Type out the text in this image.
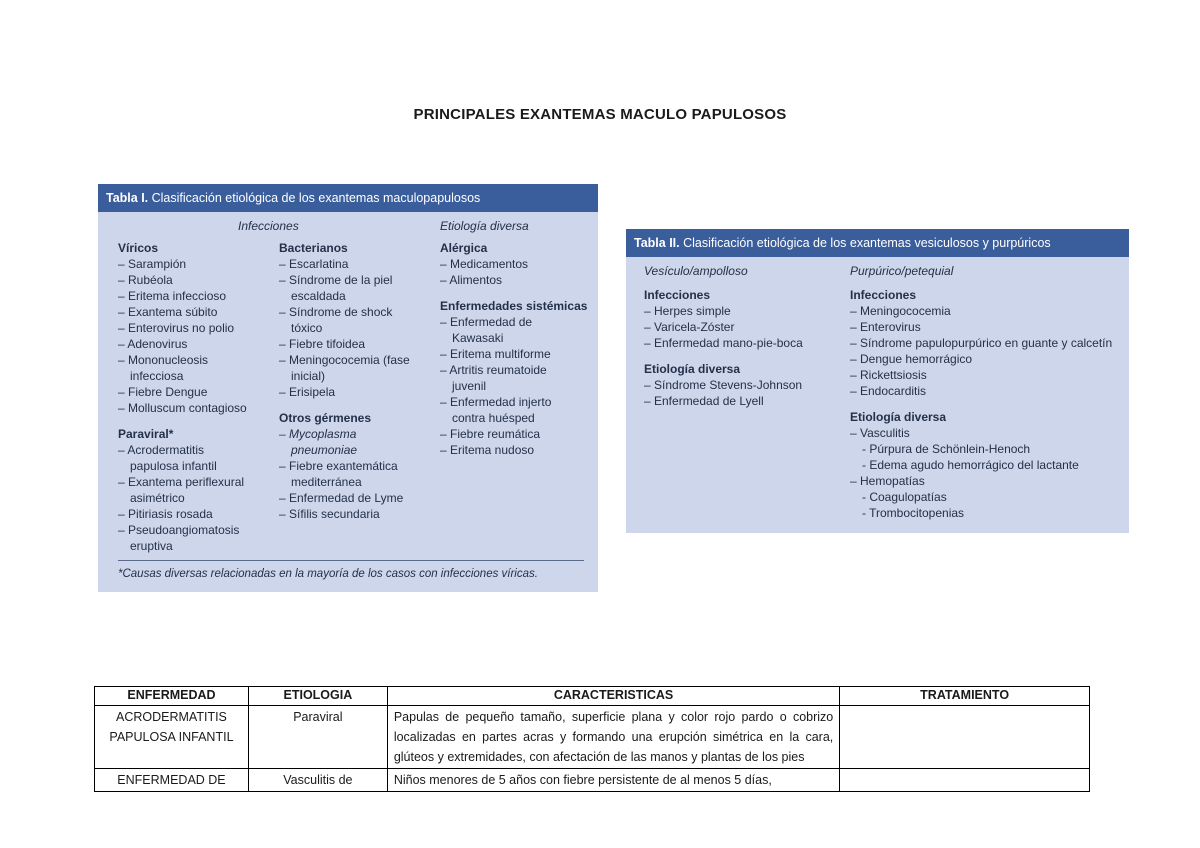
PRINCIPALES EXANTEMAS MACULO PAPULOSOS
Tabla I. Clasificación etiológica de los exantemas maculopapulosos
Infecciones	Etiología diversa
Víricos
– Sarampión
– Rubéola
– Eritema infeccioso
– Exantema súbito
– Enterovirus no polio
– Adenovirus
– Mononucleosis
infecciosa
– Fiebre Dengue
– Molluscum contagioso
Paraviral*
– Acrodermatitis
papulosa infantil
– Exantema periflexural
asimétrico
– Pitiriasis rosada
– Pseudoangiomatosis
eruptiva
Bacterianos
– Escarlatina
– Síndrome de la piel
escaldada
– Síndrome de shock
tóxico
– Fiebre tifoidea
– Meningococemia (fase
inicial)
– Erisipela
Otros gérmenes
– Mycoplasma
pneumoniae
– Fiebre exantemática
mediterránea
– Enfermedad de Lyme
– Sífilis secundaria
Alérgica
– Medicamentos
– Alimentos
Enfermedades sistémicas
– Enfermedad de
Kawasaki
– Eritema multiforme
– Artritis reumatoide
juvenil
– Enfermedad injerto
contra huésped
– Fiebre reumática
– Eritema nudoso
*Causas diversas relacionadas en la mayoría de los casos con infecciones víricas.
Tabla II. Clasificación etiológica de los exantemas vesiculosos y purpúricos
Vesículo/ampolloso	Purpúrico/petequial
Infecciones
– Herpes simple
– Varicela-Zóster
– Enfermedad mano-pie-boca
Etiología diversa
– Síndrome Stevens-Johnson
– Enfermedad de Lyell
Infecciones
– Meningococemia
– Enterovirus
– Síndrome papulopurpúrico en guante y calcetín
– Dengue hemorrágico
– Rickettsiosis
– Endocarditis
Etiología diversa
– Vasculitis
- Púrpura de Schönlein-Henoch
- Edema agudo hemorrágico del lactante
– Hemopatías
- Coagulopatías
- Trombocitopenias
ENFERMEDAD	ETIOLOGIA	CARACTERISTICAS	TRATAMIENTO
ACRODERMATITIS PAPULOSA INFANTIL	Paraviral	Papulas de pequeño tamaño, superficie plana y color rojo pardo o cobrizo localizadas en partes acras y formando una erupción simétrica en la cara, glúteos y extremidades, con afectación de las manos y plantas de los pies	
ENFERMEDAD DE	Vasculitis de	Niños menores de 5 años con fiebre persistente de al menos 5 días,	
